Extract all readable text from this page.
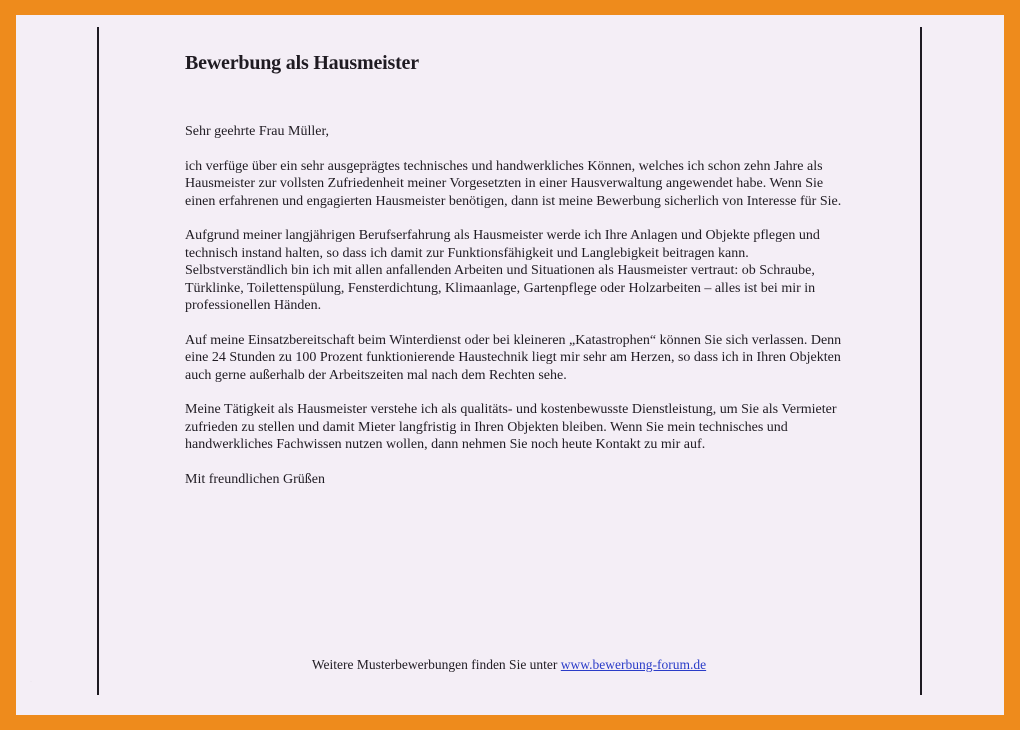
Bewerbung als Hausmeister

Sehr geehrte Frau Müller,

ich verfüge über ein sehr ausgeprägtes technisches und handwerkliches Können, welches ich schon zehn Jahre als Hausmeister zur vollsten Zufriedenheit meiner Vorgesetzten in einer Hausverwaltung angewendet habe. Wenn Sie einen erfahrenen und engagierten Hausmeister benötigen, dann ist meine Bewerbung sicherlich von Interesse für Sie.

Aufgrund meiner langjährigen Berufserfahrung als Hausmeister werde ich Ihre Anlagen und Objekte pflegen und technisch instand halten, so dass ich damit zur Funktionsfähigkeit und Langlebigkeit beitragen kann. Selbstverständlich bin ich mit allen anfallenden Arbeiten und Situationen als Hausmeister vertraut: ob Schraube, Türklinke, Toilettenspülung, Fensterdichtung, Klimaanlage, Gartenpflege oder Holzarbeiten – alles ist bei mir in professionellen Händen.

Auf meine Einsatzbereitschaft beim Winterdienst oder bei kleineren „Katastrophen“ können Sie sich verlassen. Denn eine 24 Stunden zu 100 Prozent funktionierende Haustechnik liegt mir sehr am Herzen, so dass ich in Ihren Objekten auch gerne außerhalb der Arbeitszeiten mal nach dem Rechten sehe.

Meine Tätigkeit als Hausmeister verstehe ich als qualitäts- und kostenbewusste Dienstleistung, um Sie als Vermieter zufrieden zu stellen und damit Mieter langfristig in Ihren Objekten bleiben. Wenn Sie mein technisches und handwerkliches Fachwissen nutzen wollen, dann nehmen Sie noch heute Kontakt zu mir auf.

Mit freundlichen Grüßen

Weitere Musterbewerbungen finden Sie unter www.bewerbung-forum.de
·
